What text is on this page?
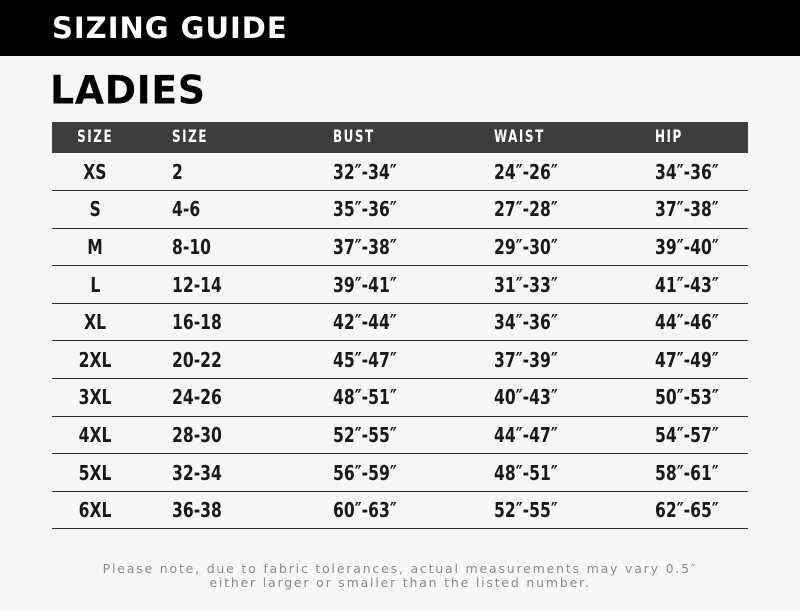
SIZING GUIDE
LADIES
SIZE	SIZE	BUST	WAIST	HIP
XS	2	32″-34″	24″-26″	34″-36″
S	4-6	35″-36″	27″-28″	37″-38″
M	8-10	37″-38″	29″-30″	39″-40″
L	12-14	39″-41″	31″-33″	41″-43″
XL	16-18	42″-44″	34″-36″	44″-46″
2XL	20-22	45″-47″	37″-39″	47″-49″
3XL	24-26	48″-51″	40″-43″	50″-53″
4XL	28-30	52″-55″	44″-47″	54″-57″
5XL	32-34	56″-59″	48″-51″	58″-61″
6XL	36-38	60″-63″	52″-55″	62″-65″
Please note, due to fabric tolerances, actual measurements may vary 0.5″
either larger or smaller than the listed number.
